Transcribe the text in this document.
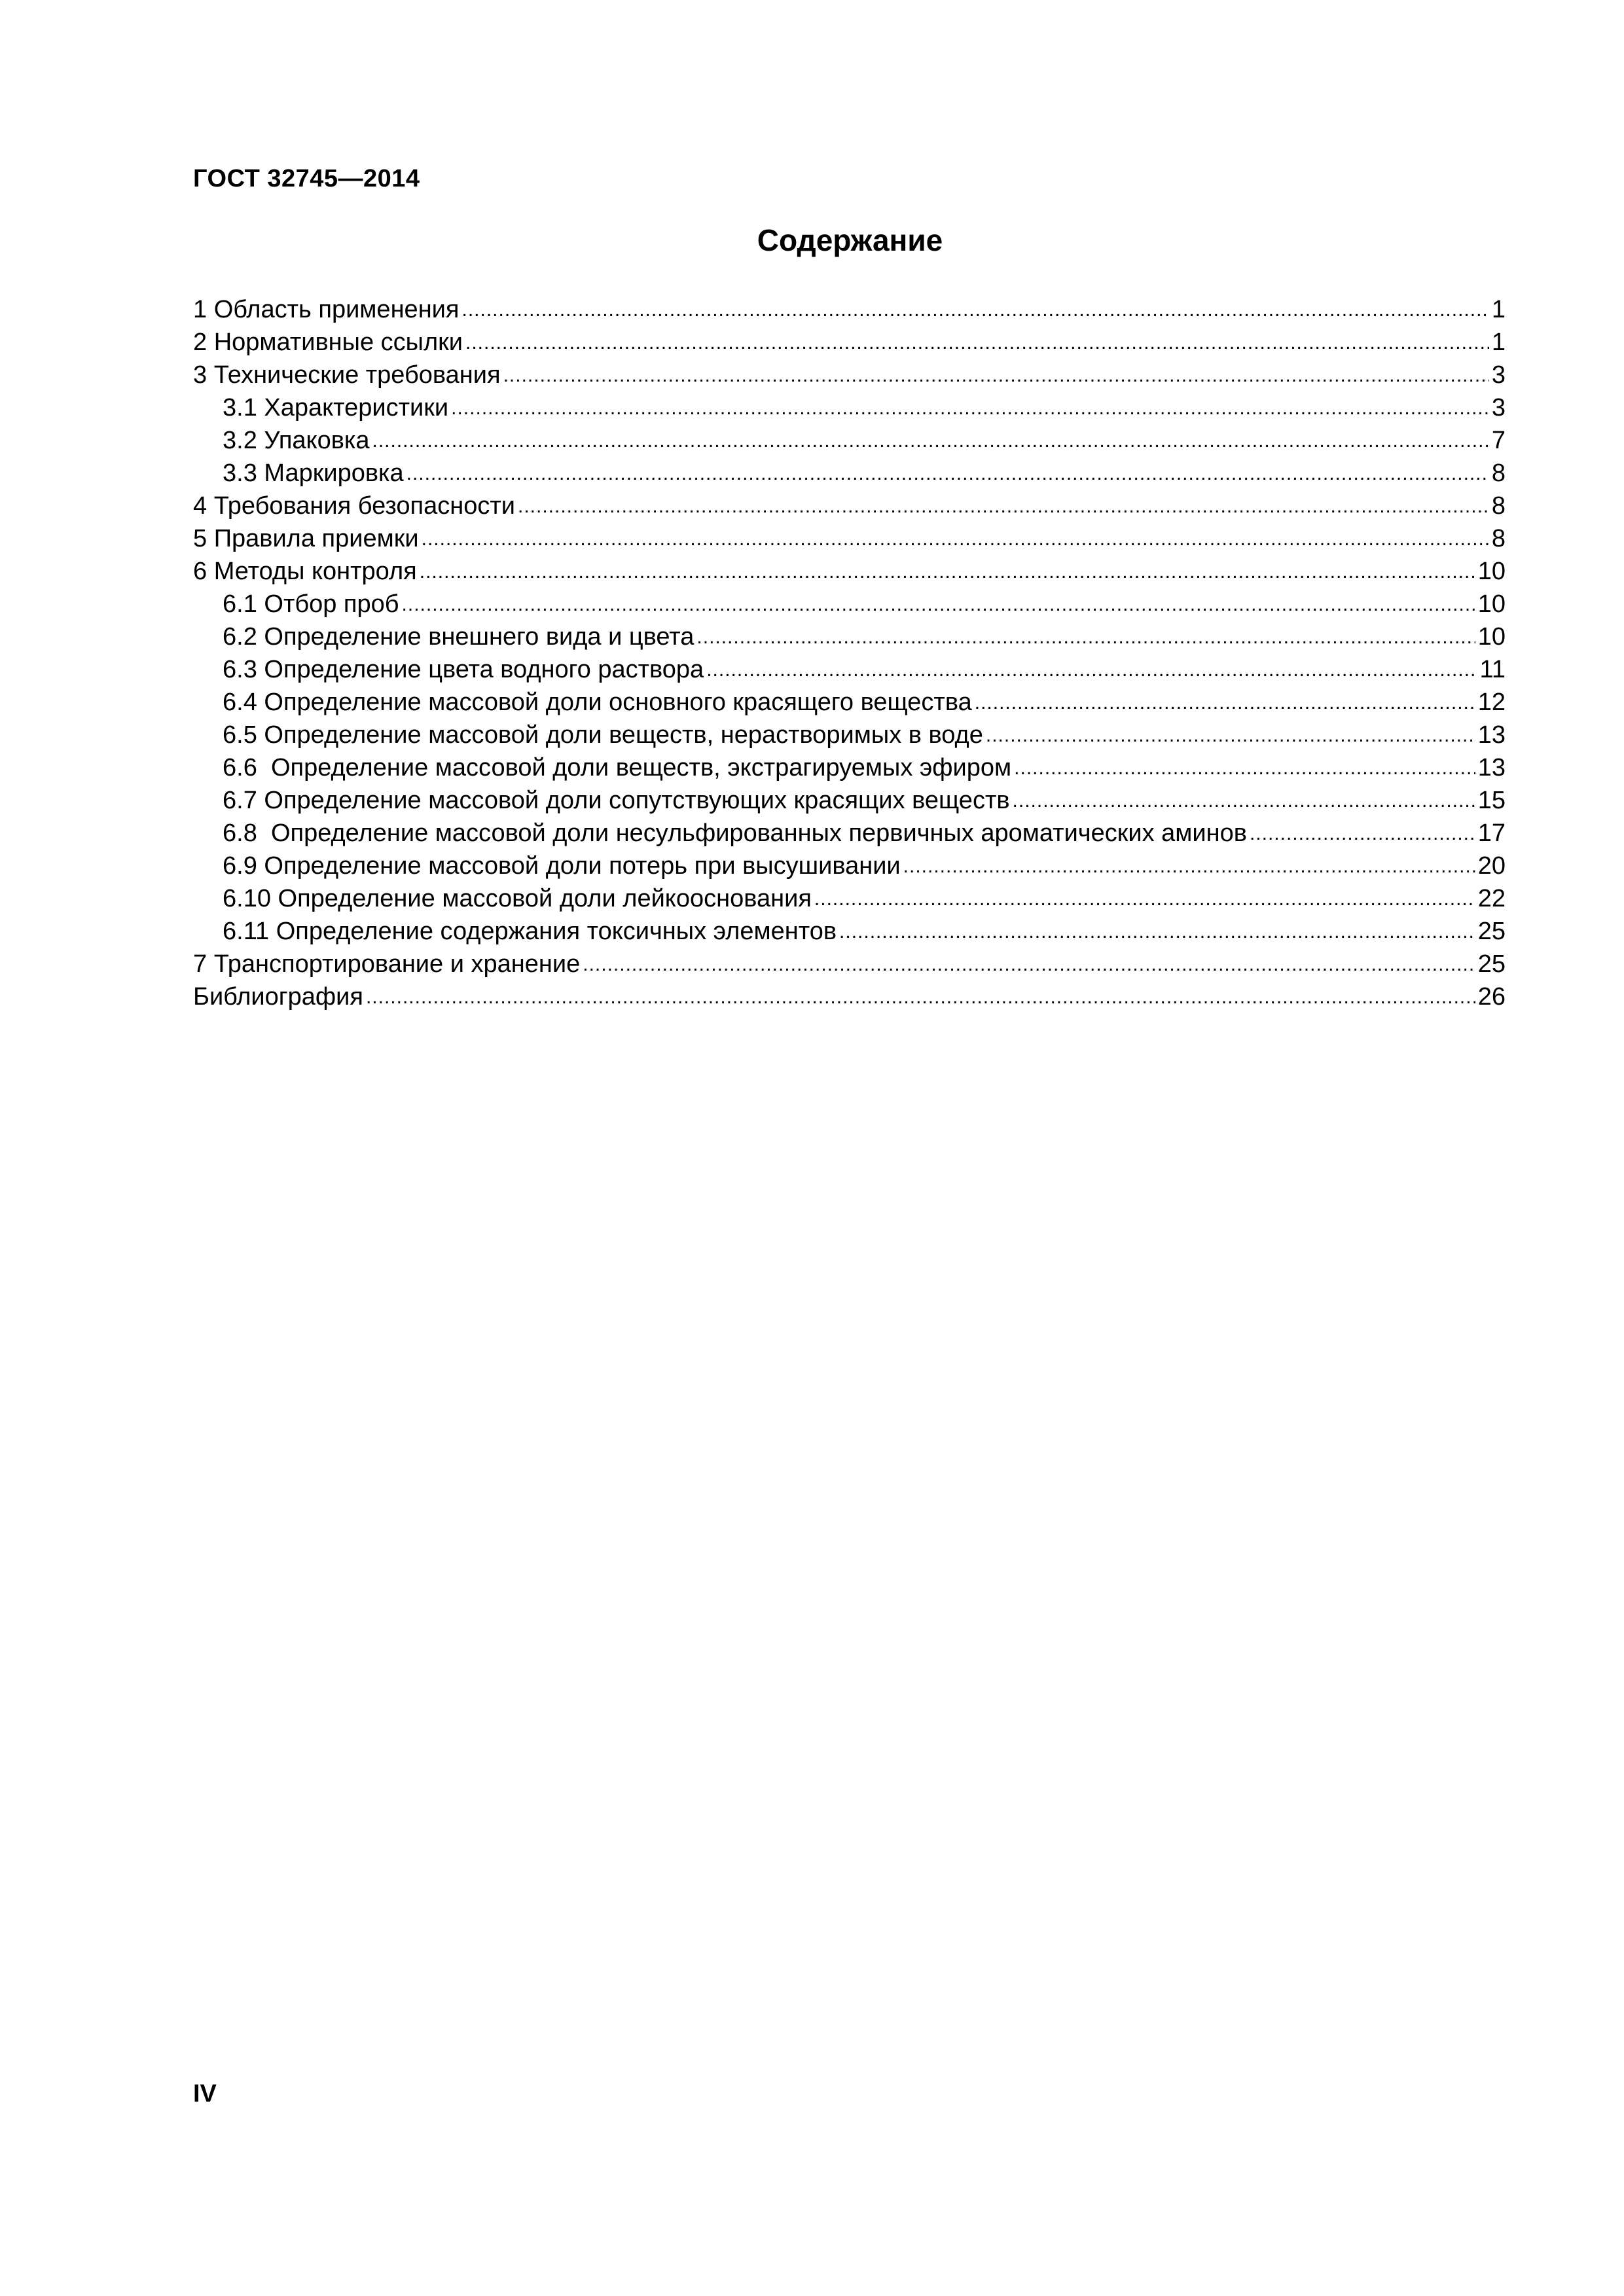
ГОСТ 32745—2014
Содержание
1 Область применения .....	1
2 Нормативные ссылки .....	1
3 Технические требования .....	3
3.1 Характеристики .....	3
3.2 Упаковка .....	7
3.3 Маркировка .....	8
4 Требования безопасности .....	8
5 Правила приемки .....	8
6 Методы контроля .....	10
6.1 Отбор проб .....	10
6.2 Определение внешнего вида и цвета .....	10
6.3 Определение цвета водного раствора .....	11
6.4 Определение массовой доли основного красящего вещества .....	12
6.5 Определение массовой доли веществ, нерастворимых в воде .....	13
6.6  Определение массовой доли веществ, экстрагируемых эфиром .....	13
6.7 Определение массовой доли сопутствующих красящих веществ .....	15
6.8  Определение массовой доли несульфированных первичных ароматических аминов .....	17
6.9 Определение массовой доли потерь при высушивании .....	20
6.10 Определение массовой доли лейкооснования .....	22
6.11 Определение содержания токсичных элементов .....	25
7 Транспортирование и хранение .....	25
Библиография .....	26
IV
